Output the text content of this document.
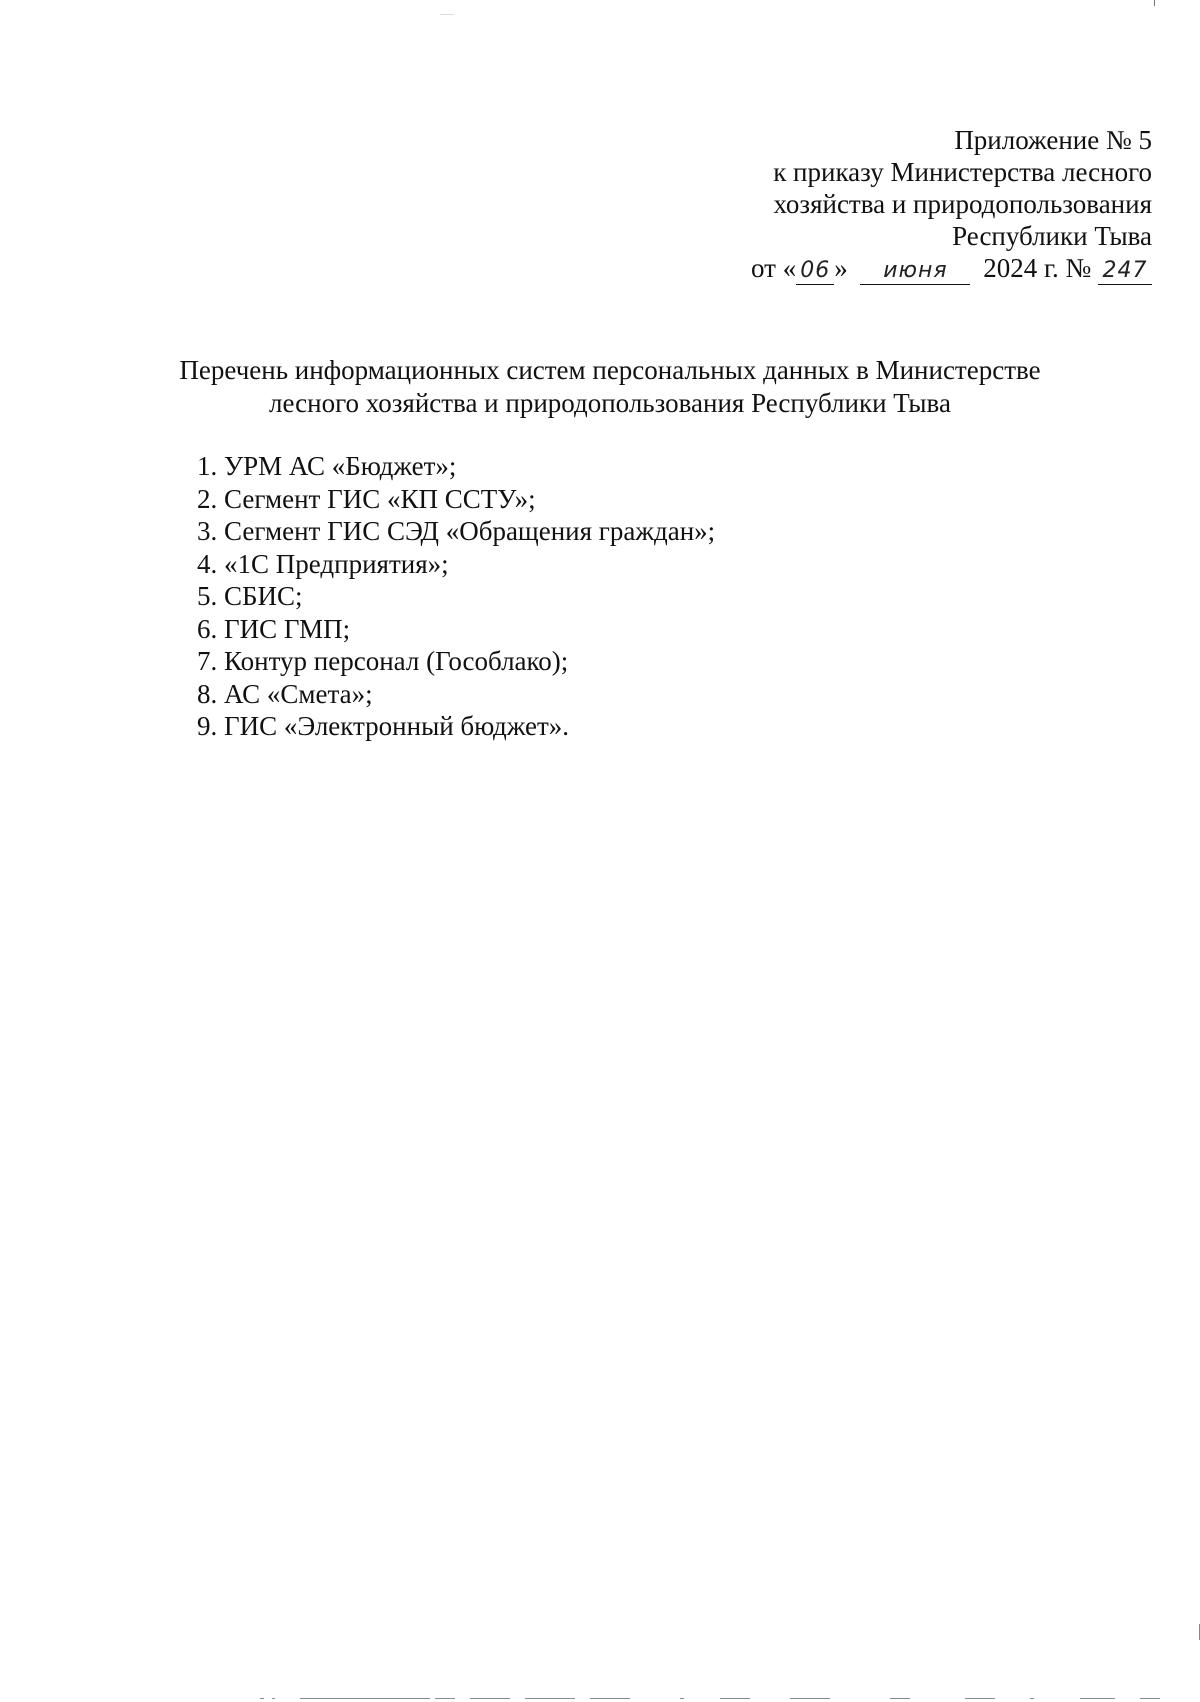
Приложение № 5
к приказу Министерства лесного
хозяйства и природопользования
Республики Тыва
от « 06 » июня 2024 г. № 247
Перечень информационных систем персональных данных в Министерстве
лесного хозяйства и природопользования Республики Тыва
1. УРМ АС «Бюджет»;
2. Сегмент ГИС «КП ССТУ»;
3. Сегмент ГИС СЭД «Обращения граждан»;
4. «1С Предприятия»;
5. СБИС;
6. ГИС ГМП;
7. Контур персонал (Гособлако);
8. АС «Смета»;
9. ГИС «Электронный бюджет».
